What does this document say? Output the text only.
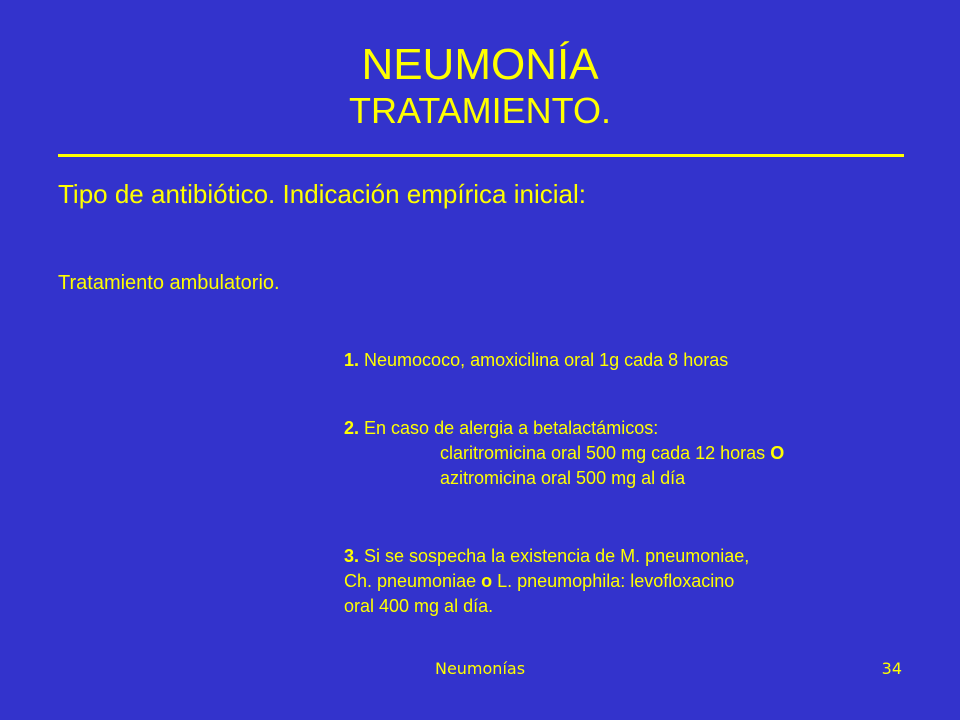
NEUMONÍA
TRATAMIENTO.
Tipo de antibiótico. Indicación empírica inicial:
Tratamiento ambulatorio.
1. Neumococo, amoxicilina oral 1g cada 8 horas
2. En caso de alergia a betalactámicos:
claritromicina oral 500 mg cada 12 horas O
azitromicina oral 500 mg al día
3. Si se sospecha la existencia de M. pneumoniae,
Ch. pneumoniae o L. pneumophila: levofloxacino
oral 400 mg al día.
Neumonías	34
